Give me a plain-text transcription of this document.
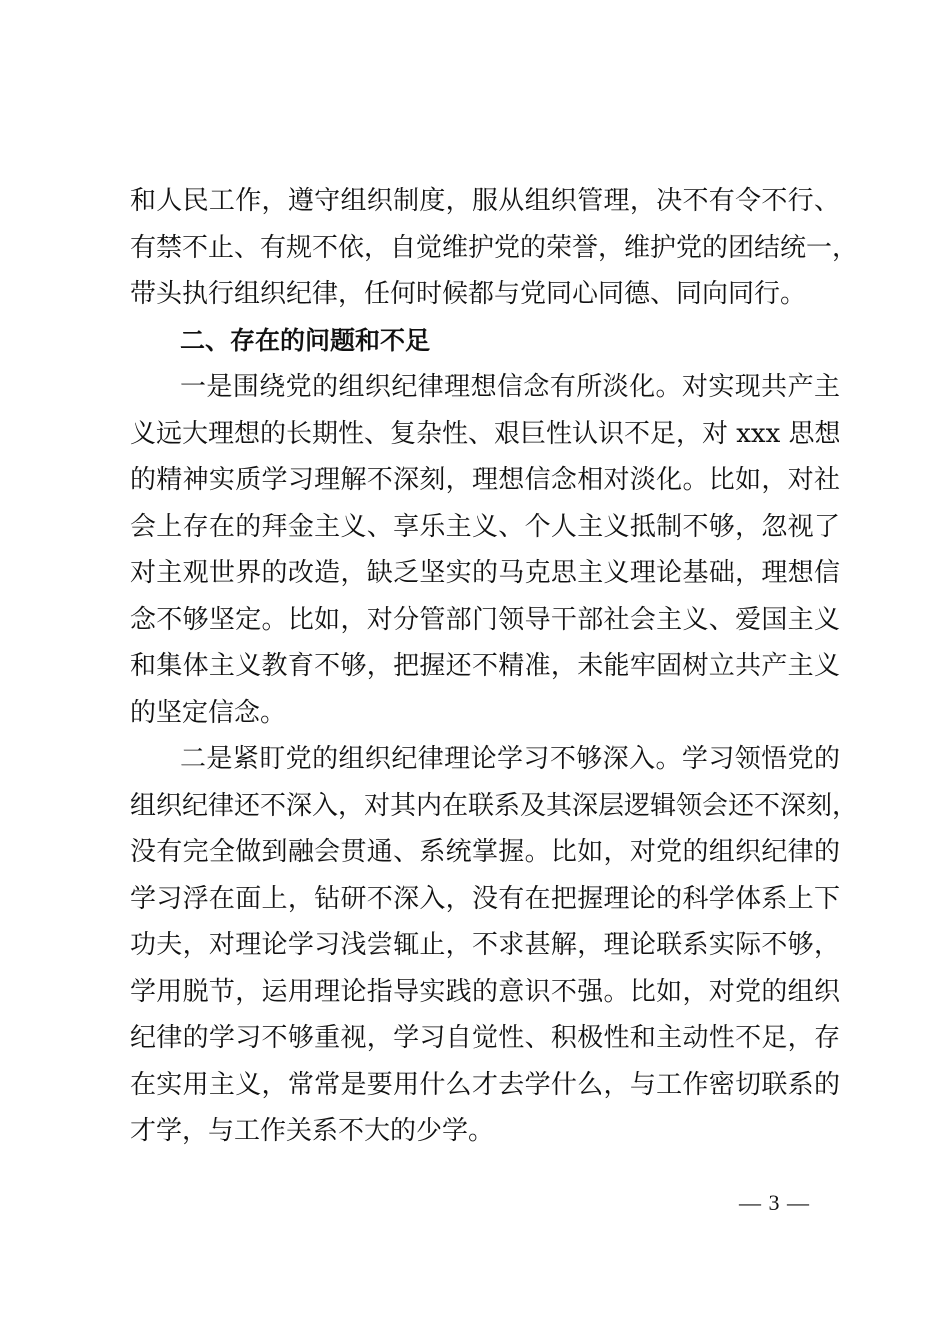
和人民工作，遵守组织制度，服从组织管理，决不有令不行、
有禁不止、有规不依，自觉维护党的荣誉，维护党的团结统一，
带头执行组织纪律，任何时候都与党同心同德、同向同行。
二、存在的问题和不足
一是围绕党的组织纪律理想信念有所淡化。对实现共产主
义远大理想的长期性、复杂性、艰巨性认识不足，对 xxx 思想
的精神实质学习理解不深刻，理想信念相对淡化。比如，对社
会上存在的拜金主义、享乐主义、个人主义抵制不够，忽视了
对主观世界的改造，缺乏坚实的马克思主义理论基础，理想信
念不够坚定。比如，对分管部门领导干部社会主义、爱国主义
和集体主义教育不够，把握还不精准，未能牢固树立共产主义
的坚定信念。
二是紧盯党的组织纪律理论学习不够深入。学习领悟党的
组织纪律还不深入，对其内在联系及其深层逻辑领会还不深刻，
没有完全做到融会贯通、系统掌握。比如，对党的组织纪律的
学习浮在面上，钻研不深入，没有在把握理论的科学体系上下
功夫，对理论学习浅尝辄止，不求甚解，理论联系实际不够，
学用脱节，运用理论指导实践的意识不强。比如，对党的组织
纪律的学习不够重视，学习自觉性、积极性和主动性不足，存
在实用主义，常常是要用什么才去学什么，与工作密切联系的
才学，与工作关系不大的少学。
— 3 —
